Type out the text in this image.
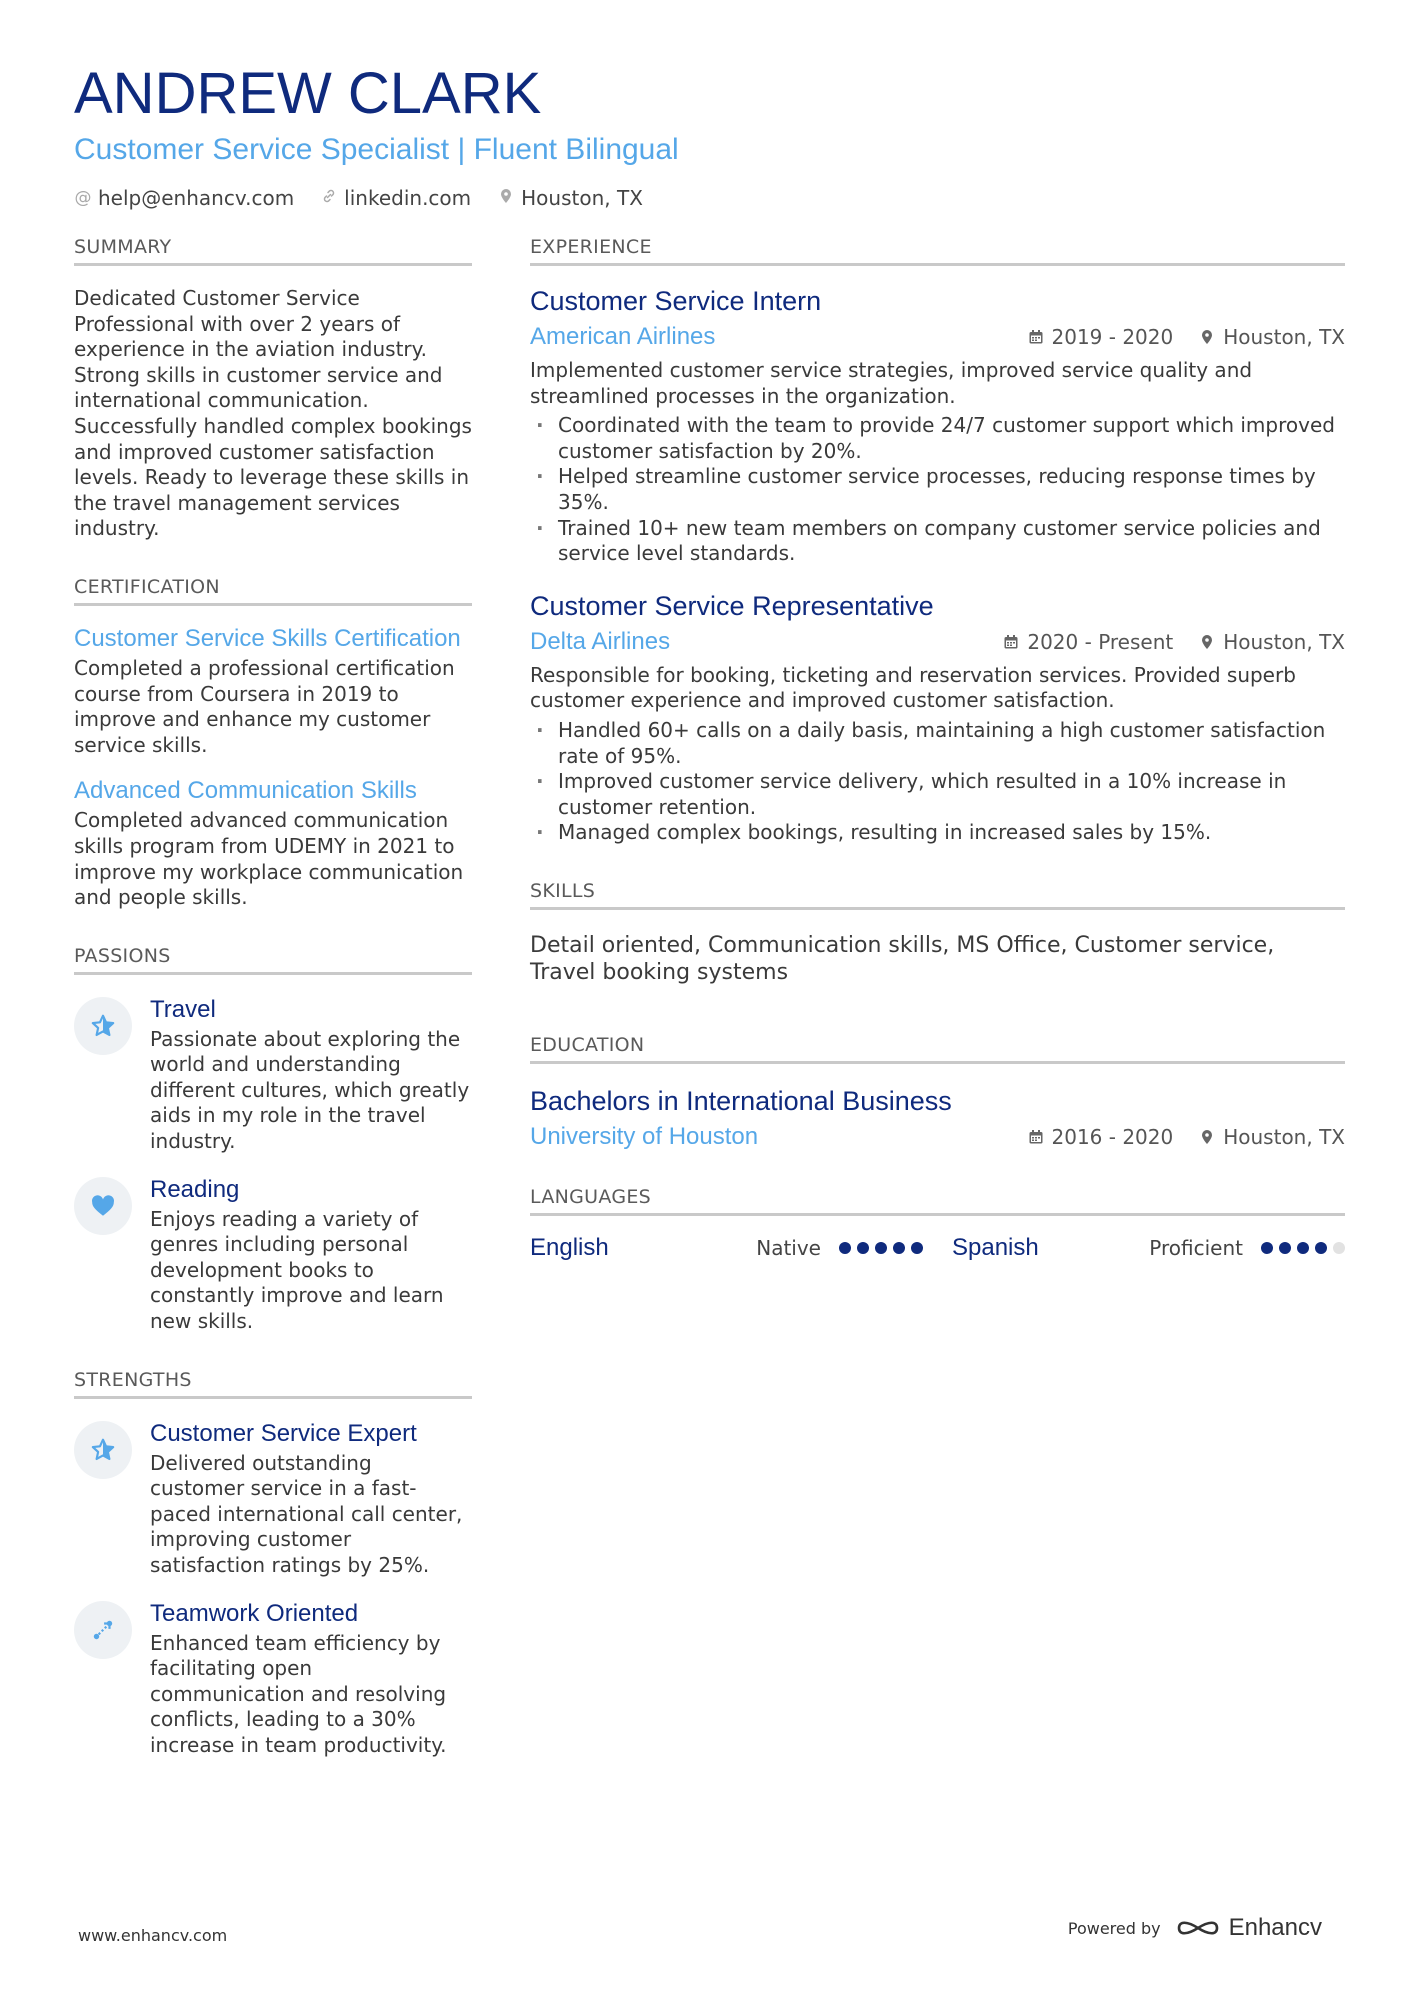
ANDREW CLARK
Customer Service Specialist | Fluent Bilingual
@ help@enhancv.com	linkedin.com	Houston, TX
SUMMARY
Dedicated Customer Service Professional with over 2 years of experience in the aviation industry. Strong skills in customer service and international communication. Successfully handled complex bookings and improved customer satisfaction levels. Ready to leverage these skills in the travel management services industry.
CERTIFICATION
Customer Service Skills Certification
Completed a professional certification course from Coursera in 2019 to improve and enhance my customer service skills.
Advanced Communication Skills
Completed advanced communication skills program from UDEMY in 2021 to improve my workplace communication and people skills.
PASSIONS
Travel
Passionate about exploring the world and understanding different cultures, which greatly aids in my role in the travel industry.
Reading
Enjoys reading a variety of genres including personal development books to constantly improve and learn new skills.
STRENGTHS
Customer Service Expert
Delivered outstanding customer service in a fast-paced international call center, improving customer satisfaction ratings by 25%.
Teamwork Oriented
Enhanced team efficiency by facilitating open communication and resolving conflicts, leading to a 30% increase in team productivity.
EXPERIENCE
Customer Service Intern
American Airlines	2019 - 2020	Houston, TX
Implemented customer service strategies, improved service quality and streamlined processes in the organization.
· Coordinated with the team to provide 24/7 customer support which improved customer satisfaction by 20%.
· Helped streamline customer service processes, reducing response times by 35%.
· Trained 10+ new team members on company customer service policies and service level standards.
Customer Service Representative
Delta Airlines	2020 - Present	Houston, TX
Responsible for booking, ticketing and reservation services. Provided superb customer experience and improved customer satisfaction.
· Handled 60+ calls on a daily basis, maintaining a high customer satisfaction rate of 95%.
· Improved customer service delivery, which resulted in a 10% increase in customer retention.
· Managed complex bookings, resulting in increased sales by 15%.
SKILLS
Detail oriented, Communication skills, MS Office, Customer service, Travel booking systems
EDUCATION
Bachelors in International Business
University of Houston	2016 - 2020	Houston, TX
LANGUAGES
English	Native	Spanish	Proficient
www.enhancv.com	Powered by	Enhancv
